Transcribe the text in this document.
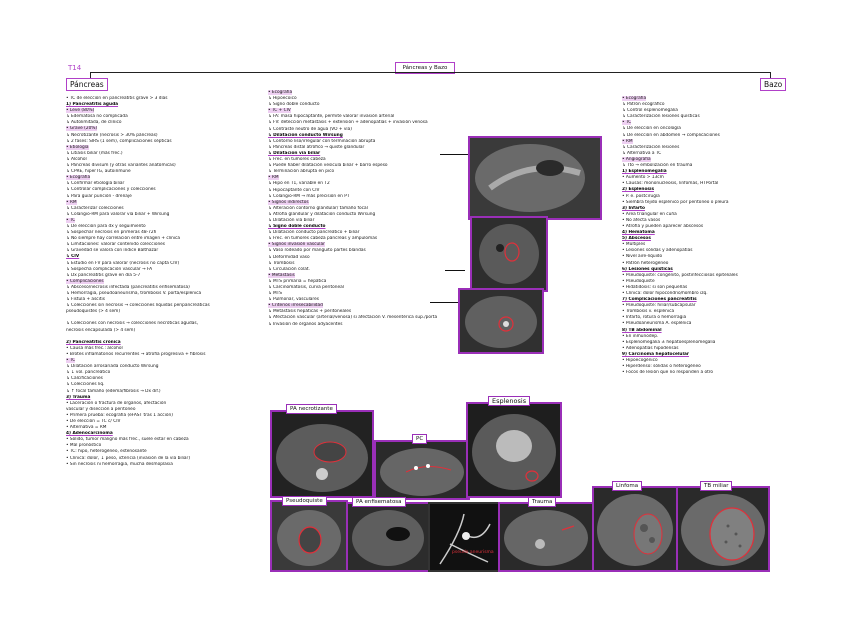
Páncreas y Bazo
T14
Páncreas	Bazo
• TC de elección en pancreatitis grave > 3 días
1) Pancreatitis aguda
• Leve (80%)
↳ Edematosa no complicada
↳ Autolimitada, de clínico
• Grave (20%)
↳ Necrotizante (necrosis > 30% páncreas)
↳ 2 fases: SIRS (1 sem), complicaciones sépticas
• Etiología
↳ Litiasis biliar (más frec.)
↳ Alcohol
↳ Páncreas divisum (y otras variantes anatómicas)
↳ CPRE, hiperTG, autoinmune
• Ecografía
↳ Confirmar etiología biliar
↳ Controlar complicaciones y colecciones
↳ Para guiar punción - drenaje
• RM
↳ Caracterizar colecciones
↳ Colangio-RM para valorar vía biliar + Wirsung
• TC
↳ De elección para dx y seguimiento
↳ Sospechar necrosis en primeras 48-72h
↳ No siempre hay correlación entre imagen + clínica
↳ Limitaciones: valorar contenido colecciones
↳ Gravedad se valora con índice Balthazar
↳ CIV
↳ Estudio en FV para valorar (necrosis no capta CIV)
↳ Sospecha complicación vascular → FA
↳ Dx pancreatitis grave en día 5-7
• Complicaciones
↳ Absceso/necrosis infectada (pancreatitis enfisematosa)
↳ Hemorragia, pseudoaneurisma, trombosis V. porta/esplénica
↳ Fístula + ascitis
↳ Colecciones sin necrosis → colecciones líquidas peripancreáticas
pseudoquistes (> 4 sem)

↳ Colecciones con necrosis → colecciones necróticas agudas,
necrosis encapsulada (> 4 sem)

2) Pancreatitis crónica
• Causa más frec.: alcohol
• Brotes inflamatorios recurrentes → atrofia progresiva + fibrosis
• TC
↳ Dilatación arrosariada conducto Wirsung
↳ ↓ vol. pancreático
↳ Calcificaciones
↳ Colecciones liq.
↳ ↑ focal tamaño (edema/fibrosis → Dx dif.)
3) Trauma
• Laceración o fractura de órganos, afectación
vascular y disección a peritoneo
• Primera prueba: ecografía (eFAST tras 1 acción)
• De elección = TC c/ CIV
• Alternativa = RM
4) Adenocarcinoma
• Sólido, tumor maligno más frec., suele estar en cabeza
• Mal pronóstico
• TC: hipo, heterogéneo, estenosante
• Clínica: dolor, ↓ peso, ictericia (invasión de la vía biliar)
• Sin necrosis ni hemorragia, mucha desmoplasia
• Ecografía
↳ Hipoecoico
↳ Signo doble conducto
• TC + CIV
↳ FA: masa hipocaptante, permite valorar invasión arterial
↳ FV: detección metástasis + extensión + adenopatías + invasión venosa
↳ Contraste neutro de agua (VO + vía)
↳ Dilatación conducto Wirsung
↳ Contorno liso/irregular con terminación abrupta
↳ Páncreas distal atrófico → quiste glandular
↳ Dilatación vía biliar
↳ Frec. en tumores cabeza
↳ Puede haber dilatación vesícula biliar + barro espeso
↳ Terminación abrupta en pico
• RM
↳ Hipo en T1, variable en T2
↳ Hipocaptante con CIV
↳ Colangio-RM → más precisión en PT
• Signos indirectos
↳ Alteración contorno glandular/ tamaño focal
↳ Atrofia glandular y dilatación conducto Wirsung
↳ Dilatación vía biliar
↳ Signo doble conducto
↳ Dilatación conducto pancreático + biliar
↳ Frec. en tumores cabeza páncreas y ampulomas
• Signos invasión vascular
↳ Vaso rodeado por manguito partes blandas
↳ Deformidad vaso
↳ Trombosis
↳ Circulación colat.
• Metástasis
↳ MTS primaria = hepática
↳ Carcinomatosis, curva peritoneal
↳ MTS
↳ Pulmonar, vasculares
• Criterios irresecabilidad
↳ Metástasis hepáticas + peritoneales
↳ Afectación vascular (arterial/venosa) si afectación V. mesentérica sup./porta
↳ Invasión de órganos adyacentes
• Ecografía
↳ Patrón ecográfico
↳ Control esplenomegalia
↳ Caracterización lesiones quísticas
• TC
↳ De elección en oncología
↳ De elección en abdomen → complicaciones
• RM
↳ Caracterización lesiones
↳ Alternativa a TC
• Angiografía
↳ Tto → embolización en trauma
1) Esplenomegalia
• Aumento > 13cm
• Causas: mononucleosis, linfomas, HTPortal
2) Esplenosis
• P. e. postcirugía
• Siembra tejido esplénico por peritoneo o pleura
3) Infarto
• Área triangular en cuña
• No afecta vasos
• Atrofia y pueden aparecer abscesos
4) Hematoma
5) Abscesos
• Múltiples
• Lesiones sólidas y adenopatías
• Nivel aire-líquido
• Patrón heterogéneo
6) Lesiones quísticas
• Pseudoquiste: congénito, postinfecciosos epiteliales
• Pseudoquiste
• Hidatidosis: si son pequeñas
• Clínica: dolor hipocondrio/hombro izq.
7) Complicaciones pancreatitis
• Pseudoquiste: hiliar/subcapsular
• Trombosis v. esplénica
• Infarto, rotura o hemorragia
• Pseudoaneurisma A. esplénica
8) TB abdominal
• En inmunodep.
• Esplenomegalia ± hepatoesplenomegalia
• Adenopatías hipodensas
9) Carcinoma hepatocelular
• Hipoecogénico
• Hiperdenso: sólidas o heterogéneo
• Focos de lesión que no responden a otro
PA necrotizante
PC
Esplenosis
Pseudoquiste	PA enfisematosa
pseudo aneurisma
Trauma
Linfoma	TB miliar
